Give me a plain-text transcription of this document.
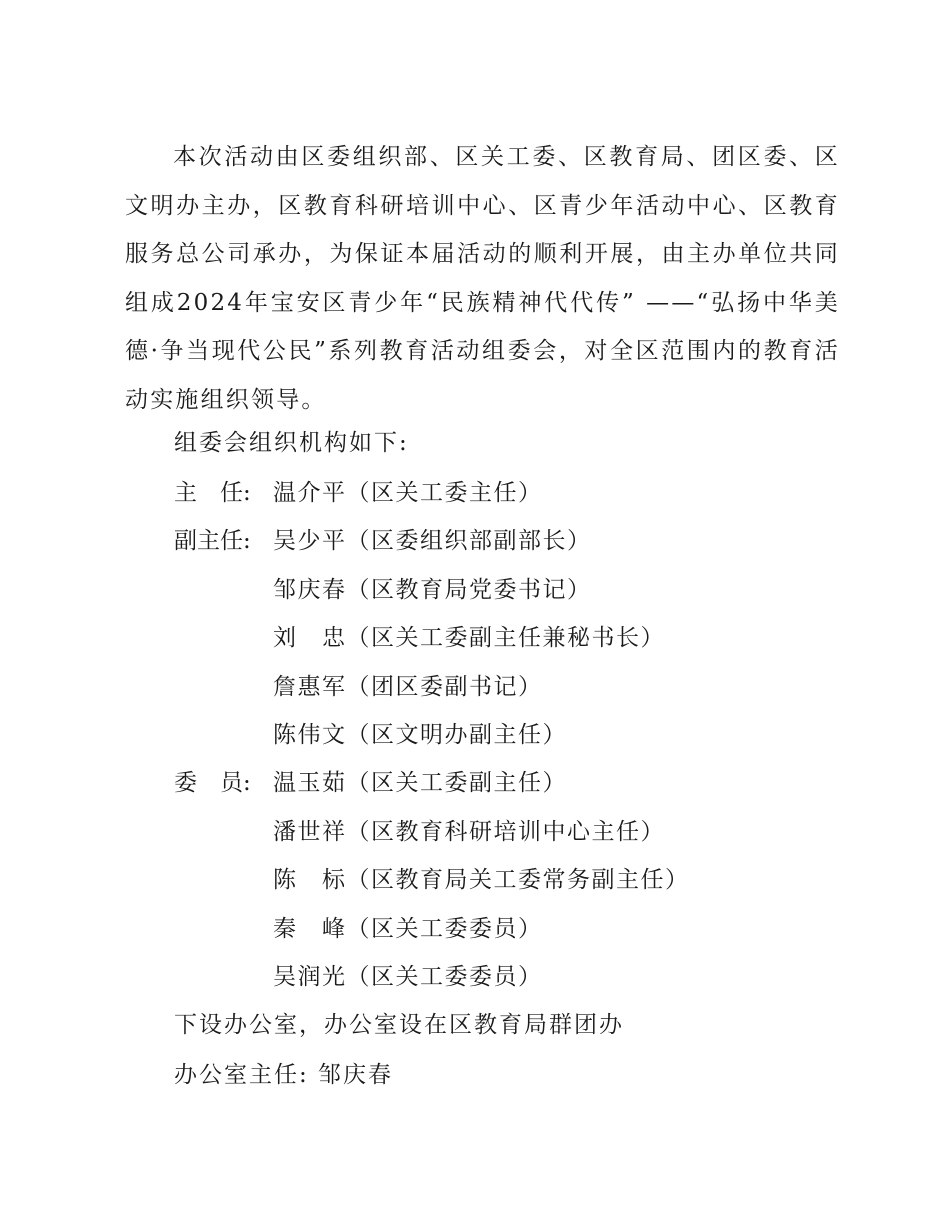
本次活动由区委组织部、区关工委、区教育局、团区委、区文明办主办，区教育科研培训中心、区青少年活动中心、区教育服务总公司承办，为保证本届活动的顺利开展，由主办单位共同组成2024年宝安区青少年“民族精神代代传” ——“弘扬中华美德·争当现代公民”系列教育活动组委会，对全区范围内的教育活动实施组织领导。

组委会组织机构如下:
主　任: 温介平（区关工委主任）
副主任: 吴少平（区委组织部副部长）
邹庆春（区教育局党委书记）
刘　忠（区关工委副主任兼秘书长）
詹惠军（团区委副书记）
陈伟文（区文明办副主任）
委　员: 温玉茹（区关工委副主任）
潘世祥（区教育科研培训中心主任）
陈　标（区教育局关工委常务副主任）
秦　峰（区关工委委员）
吴润光（区关工委委员）
下设办公室，办公室设在区教育局群团办
办公室主任: 邹庆春
